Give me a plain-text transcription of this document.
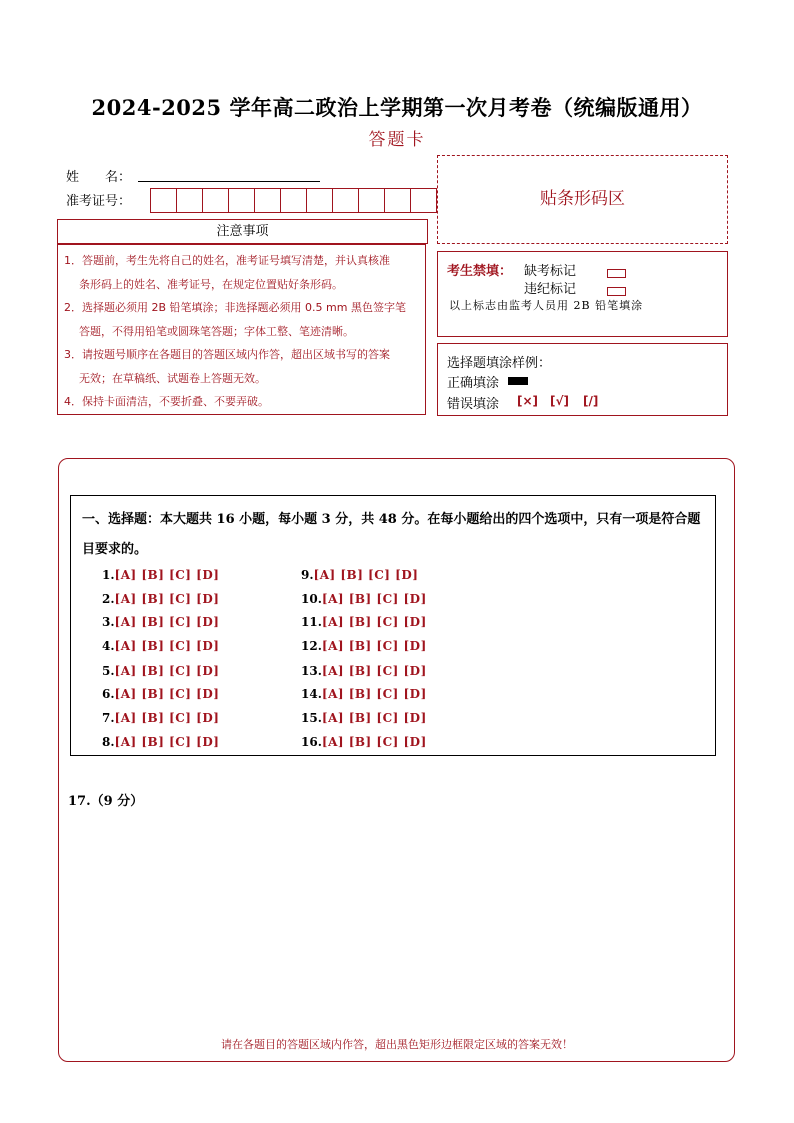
2024-2025 学年高二政治上学期第一次月考卷（统编版通用）
答题卡
姓　　名：
准考证号：
注意事项

1．答题前，考生先将自己的姓名，准考证号填写清楚，并认真核准

条形码上的姓名、准考证号，在规定位置贴好条形码。

2．选择题必须用 2B 铅笔填涂；非选择题必须用 0.5 mm 黑色签字笔

答题，不得用铅笔或圆珠笔答题；字体工整、笔迹清晰。

3．请按题号顺序在各题目的答题区域内作答，超出区域书写的答案

无效；在草稿纸、试题卷上答题无效。

4．保持卡面清洁，不要折叠、不要弄破。

贴条形码区
考生禁填： 缺考标记
违纪标记
以上标志由监考人员用 2B 铅笔填涂
选择题填涂样例：
正确填涂
错误填涂 [×] [√] [/]
一、选择题：本大题共 16 小题，每小题 3 分，共 48 分。在每小题给出的四个选项中，只有一项是符合题目要求的。
1.[A] [B] [C] [D]
2.[A] [B] [C] [D]
3.[A] [B] [C] [D]
4.[A] [B] [C] [D]
5.[A] [B] [C] [D]
6.[A] [B] [C] [D]
7.[A] [B] [C] [D]
8.[A] [B] [C] [D]
9.[A] [B] [C] [D]
10.[A] [B] [C] [D]
11.[A] [B] [C] [D]
12.[A] [B] [C] [D]
13.[A] [B] [C] [D]
14.[A] [B] [C] [D]
15.[A] [B] [C] [D]
16.[A] [B] [C] [D]
17.（9 分）
请在各题目的答题区域内作答，超出黑色矩形边框限定区域的答案无效！
